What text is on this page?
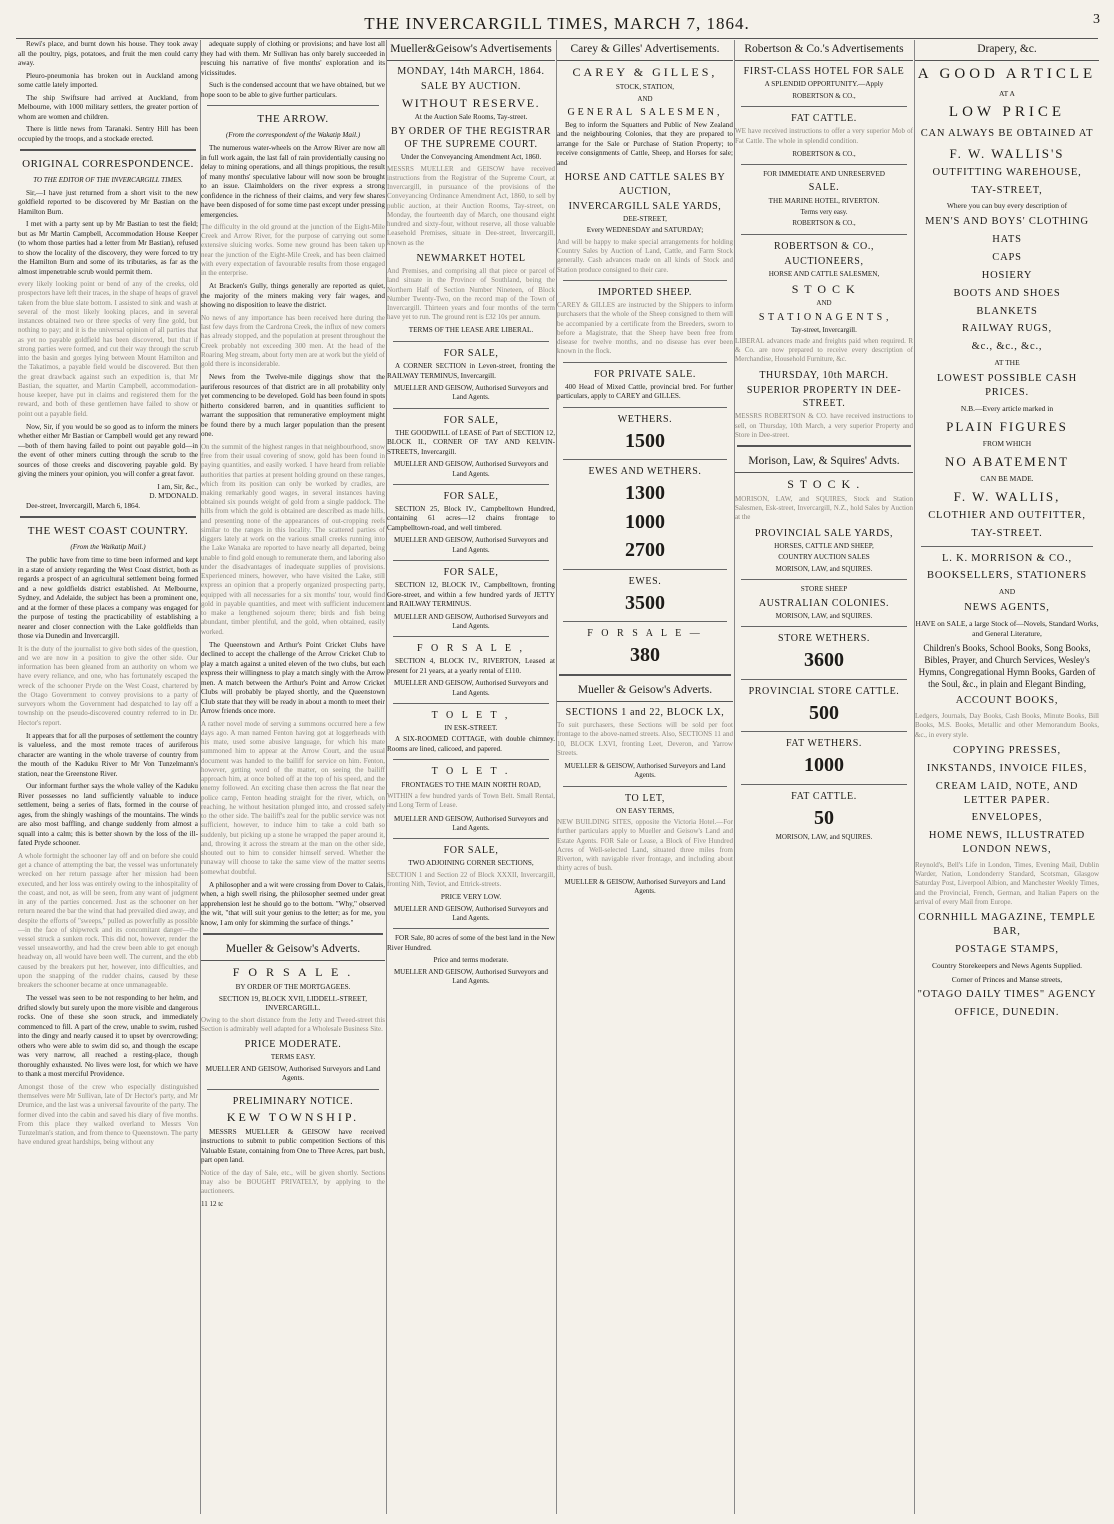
THE INVERCARGILL TIMES, MARCH 7, 1864.	3

Rewi's place, and burnt down his house. They took away all the poultry, pigs, potatoes, and fruit the men could carry away.

Pleuro-pneumonia has broken out in Auckland among some cattle lately imported.

The ship Swiftsure had arrived at Auckland, from Melbourne, with 1000 military settlers, the greater portion of whom are women and children.

There is little news from Taranaki. Sentry Hill has been occupied by the troops, and a stockade erected.

ORIGINAL CORRESPONDENCE.
TO THE EDITOR OF THE INVERCARGILL TIMES.

Sir,—I have just returned from a short visit to the new goldfield reported to be discovered by Mr Bastian on the Hamilton Burn.

I met with a party sent up by Mr Bastian to test the field; but as Mr Martin Campbell, Accommodation House Keeper (to whom those parties had a letter from Mr Bastian), refused to show the locality of the discovery, they were forced to try the Hamilton Burn and some of its tributaries, as far as the almost impenetrable scrub would permit them.

every likely looking point or bend of any of the creeks, old prospectors have left their traces, in the shape of heaps of gravel taken from the blue slate bottom. I assisted to sink and wash at several of the most likely looking places, and in several instances obtained two or three specks of very fine gold, but nothing to pay; and it is the universal opinion of all parties that as yet no payable goldfield has been discovered, but that if strong parties were formed, and cut their way through the scrub into the basin and gorges lying between Mount Hamilton and the Takatimos, a payable field would be discovered. But then the great drawback against such an expedition is, that Mr Bastian, the squatter, and Martin Campbell, accommodation-house keeper, have put in claims and registered them for the reward, and both of these gentlemen have failed to show or point out a payable field.

Now, Sir, if you would be so good as to inform the miners whether either Mr Bastian or Campbell would get any reward—both of them having failed to point out payable gold—in the event of other miners cutting through the scrub to the sources of those creeks and discovering payable gold. By giving the miners your opinion, you will confer a great favor.

I am, Sir, &c.,

D. M'DONALD.

Dee-street, Invercargill, March 6, 1864.

THE WEST COAST COUNTRY.
(From the Waikatip Mail.)

The public have from time to time been informed and kept in a state of anxiety regarding the West Coast district, both as regards a prospect of an agricultural settlement being formed and a new goldfields district established. At Melbourne, Sydney, and Adelaide, the subject has been a prominent one, and at the former of these places a company was engaged for the purpose of testing the practicability of establishing a nearer and closer connection with the Lake goldfields than those via Dunedin and Invercargill.

It is the duty of the journalist to give both sides of the question, and we are now in a position to give the other side. Our information has been gleaned from an authority on whom we have every reliance, and one, who has fortunately escaped the wreck of the schooner Pryde on the West Coast, chartered by the Otago Government to convey provisions to a party of surveyors whom the Government had despatched to lay off a township on the pseudo-discovered country referred to in Dr. Hector's report.

It appears that for all the purposes of settlement the country is valueless, and the most remote traces of auriferous character are wanting in the whole traverse of country from the mouth of the Kaduku River to Mr Von Tunzelmann's station, near the Greenstone River.

Our informant further says the whole valley of the Kaduku River possesses no land sufficiently valuable to induce settlement, being a series of flats, formed in the course of ages, from the shingly washings of the mountains. The winds are also most baffling, and change suddenly from almost a squall into a calm; this is better shown by the loss of the ill-fated Pryde schooner.

A whole fortnight the schooner lay off and on before she could get a chance of attempting the bar, the vessel was unfortunately wrecked on her return passage after her mission had been executed, and her loss was entirely owing to the inhospitality of the coast, and not, as will be seen, from any want of judgment in any of the parties concerned. Just as the schooner on her return neared the bar the wind that had prevailed died away, and despite the efforts of "sweeps," pulled as powerfully as possible—in the face of shipwreck and its concomitant danger—the vessel struck a sunken rock. This did not, however, render the vessel unseaworthy, and had the crew been able to get enough headway on, all would have been well. The current, and the ebb caused by the breakers put her, however, into difficulties, and upon the snapping of the rudder chains, caused by these breakers the schooner became at once unmanageable.

The vessel was seen to be not responding to her helm, and drifted slowly but surely upon the more visible and dangerous rocks. One of these she soon struck, and immediately commenced to fill. A part of the crew, unable to swim, rushed into the dingy and nearly caused it to upset by overcrowding; others who were able to swim did so, and though the escape was very narrow, all reached a resting-place, though thoroughly exhausted. No lives were lost, for which we have to thank a most merciful Providence.

Amongst those of the crew who especially distinguished themselves were Mr Sullivan, late of Dr Hector's party, and Mr Drumice, and the last was a universal favourite of the party. The former dived into the cabin and saved his diary of five months. From this place they walked overland to Messrs Von Tunzelman's station, and from thence to Queenstown. The party have endured great hardships, being without any

adequate supply of clothing or provisions; and have lost all they had with them. Mr Sullivan has only barely succeeded in rescuing his narrative of five months' exploration and its vicissitudes.

Such is the condensed account that we have obtained, but we hope soon to be able to give further particulars.

THE ARROW.
(From the correspondent of the Wakatip Mail.)

The numerous water-wheels on the Arrow River are now all in full work again, the last fall of rain providentially causing no delay to mining operations, and all things propitious, the result of many months' speculative labour will now soon be brought to an issue. Claimholders on the river express a strong confidence in the richness of their claims, and very few shares have been disposed of for some time past except under pressing emergencies.

The difficulty in the old ground at the junction of the Eight-Mile Creek and Arrow River, for the purpose of carrying out some extensive sluicing works. Some new ground has been taken up near the junction of the Eight-Mile Creek, and has been claimed with every expectation of favourable results from those engaged in the enterprise.

At Bracken's Gully, things generally are reported as quiet, the majority of the miners making very fair wages, and showing no disposition to leave the district.

No news of any importance has been received here during the last few days from the Cardrona Creek, the influx of new comers has already stopped, and the population at present throughout the Creek probably not exceeding 300 men. At the head of the Roaring Meg stream, about forty men are at work but the yield of gold there is inconsiderable.

News from the Twelve-mile diggings show that the auriferous resources of that district are in all probability only yet commencing to be developed. Gold has been found in spots hitherto considered barren, and in quantities sufficient to warrant the supposition that remunerative employment might be found there by a much larger population than the present one.

On the summit of the highest ranges in that neighbourhood, snow free from their usual covering of snow, gold has been found in paying quantities, and easily worked. I have heard from reliable authorities that parties at present holding ground on these ranges, which from its position can only be worked by cradles, are making remarkably good wages, in several instances having obtained six pounds weight of gold from a single paddock. The hills from which the gold is obtained are described as made hills, and presenting none of the appearances of out-cropping reefs similar to the ranges in this locality. The scattered parties of diggers lately at work on the various small creeks running into the Lake Wanaka are reported to have nearly all departed, being unable to find gold enough to remunerate them, and laboring also under the disadvantages of inadequate supplies of provisions. Experienced miners, however, who have visited the Lake, still express an opinion that a properly organized prospecting party, equipped with all necessaries for a six months' tour, would find gold in payable quantities, and meet with sufficient inducement to make a lengthened sojourn there; birds and fish being abundant, timber plentiful, and the gold, when obtained, easily worked.

The Queenstown and Arthur's Point Cricket Clubs have declined to accept the challenge of the Arrow Cricket Club to play a match against a united eleven of the two clubs, but each express their willingness to play a match singly with the Arrow men. A match between the Arthur's Point and Arrow Cricket Clubs will probably be played shortly, and the Queenstown Club state that they will be ready in about a month to meet their Arrow friends once more.

A rather novel mode of serving a summons occurred here a few days ago. A man named Fenton having got at loggerheads with his mate, used some abusive language, for which his mate summoned him to appear at the Arrow Court, and the usual document was handed to the bailiff for service on him. Fenton, however, getting word of the matter, on seeing the bailiff approach him, at once bolted off at the top of his speed, and the enemy followed. An exciting chase then across the flat near the police camp, Fenton heading straight for the river, which, on reaching, he without hesitation plunged into, and crossed safely to the other side. The bailiff's zeal for the public service was not sufficient, however, to induce him to take a cold bath so suddenly, but picking up a stone he wrapped the paper around it, and, throwing it across the stream at the man on the other side, shouted out to him to consider himself served. Whether the runaway will choose to take the same view of the matter seems somewhat doubtful.

A philosopher and a wit were crossing from Dover to Calais, when, a high swell rising, the philosopher seemed under great apprehension lest he should go to the bottom. "Why," observed the wit, "that will suit your genius to the letter; as for me, you know, I am only for skimming the surface of things."

Mueller & Geisow's Adverts.
F O R S A L E .
BY ORDER OF THE MORTGAGEES.
SECTION 19, BLOCK XVII, LIDDELL-STREET, INVERCARGILL.
Owing to the short distance from the Jetty and Tweed-street this Section is admirably well adapted for a Wholesale Business Site.
PRICE MODERATE.
TERMS EASY.
MUELLER AND GEISOW, Authorised Surveyors and Land Agents.
PRELIMINARY NOTICE.
KEW TOWNSHIP.

MESSRS MUELLER & GEISOW have received instructions to submit to public competition Sections of this Valuable Estate, containing from One to Three Acres, part bush, part open land.

Notice of the day of Sale, etc., will be given shortly. Sections may also be BOUGHT PRIVATELY, by applying to the auctioneers.
11 12 tc
Mueller&Geisow's Advertisements
MONDAY, 14th MARCH, 1864.
SALE BY AUCTION.
WITHOUT RESERVE.
At the Auction Sale Rooms, Tay-street.
BY ORDER OF THE REGISTRAR OF THE SUPREME COURT.
Under the Conveyancing Amendment Act, 1860.
MESSRS MUELLER and GEISOW have received instructions from the Registrar of the Supreme Court, at Invercargill, in pursuance of the provisions of the Conveyancing Ordinance Amendment Act, 1860, to sell by public auction, at their Auction Rooms, Tay-street, on Monday, the fourteenth day of March, one thousand eight hundred and sixty-four, without reserve, all those valuable Leasehold Premises, situate in Dee-street, Invercargill, known as the
NEWMARKET HOTEL
And Premises, and comprising all that piece or parcel of land situate in the Province of Southland, being the Northern Half of Section Number Nineteen, of Block Number Twenty-Two, on the record map of the Town of Invercargill. Thirteen years and four months of the term have yet to run. The ground rent is £32 10s per annum.
TERMS OF THE LEASE ARE LIBERAL.
FOR SALE,

A CORNER SECTION in Leven-street, fronting the RAILWAY TERMINUS, Invercargill.

MUELLER AND GEISOW, Authorised Surveyors and Land Agents.
FOR SALE,

THE GOODWILL of LEASE of Part of SECTION 12, BLOCK II., CORNER OF TAY AND KELVIN-STREETS, Invercargill.

MUELLER AND GEISOW, Authorised Surveyors and Land Agents.
FOR SALE,

SECTION 25, Block IV., Campbelltown Hundred, containing 61 acres—12 chains frontage to Campbelltown-road, and well timbered.

MUELLER AND GEISOW, Authorised Surveyors and Land Agents.
FOR SALE,

SECTION 12, BLOCK IV., Campbelltown, fronting Gore-street, and within a few hundred yards of JETTY and RAILWAY TERMINUS.

MUELLER AND GEISOW, Authorised Surveyors and Land Agents.
F O R S A L E ,

SECTION 4, BLOCK IV., RIVERTON, Leased at present for 21 years, at a yearly rental of £110.

MUELLER AND GEISOW, Authorised Surveyors and Land Agents.
T O L E T ,
IN ESK-STREET.

A SIX-ROOMED COTTAGE, with double chimney. Rooms are lined, calicoed, and papered.

T O L E T .
FRONTAGES TO THE MAIN NORTH ROAD,
WITHIN a few hundred yards of Town Belt. Small Rental, and Long Term of Lease.
MUELLER AND GEISOW, Authorised Surveyors and Land Agents.
FOR SALE,
TWO ADJOINING CORNER SECTIONS,
SECTION 1 and Section 22 of Block XXXII, Invercargill, fronting Nith, Teviot, and Ettrick-streets.
PRICE VERY LOW.
MUELLER AND GEISOW, Authorised Surveyors and Land Agents.

FOR Sale, 80 acres of some of the best land in the New River Hundred.

Price and terms moderate.
MUELLER AND GEISOW, Authorised Surveyors and Land Agents.
Carey & Gilles' Advertisements.
CAREY & GILLES,
STOCK, STATION,
AND
GENERAL SALESMEN,

Beg to inform the Squatters and Public of New Zealand and the neighbouring Colonies, that they are prepared to arrange for the Sale or Purchase of Station Property; to receive consignments of Cattle, Sheep, and Horses for sale; and

HORSE AND CATTLE SALES BY AUCTION,
INVERCARGILL SALE YARDS,
DEE-STREET,
Every WEDNESDAY and SATURDAY;
And will be happy to make special arrangements for holding Country Sales by Auction of Land, Cattle, and Farm Stock generally. Cash advances made on all kinds of Stock and Station produce consigned to their care.
IMPORTED SHEEP.
CAREY & GILLES are instructed by the Shippers to inform purchasers that the whole of the Sheep consigned to them will be accompanied by a certificate from the Breeders, sworn to before a Magistrate, that the Sheep have been free from disease for twelve months, and no disease has ever been known in the flock.
FOR PRIVATE SALE.

400 Head of Mixed Cattle, provincial bred. For further particulars, apply to CAREY and GILLES.

WETHERS.
1500
EWES AND WETHERS.
1300
1000
2700
EWES.
3500
F O R S A L E —
380
Mueller & Geisow's Adverts.
SECTIONS 1 and 22, BLOCK LX,
To suit purchasers, these Sections will be sold per foot frontage to the above-named streets. Also, SECTIONS 11 and 10, BLOCK LXVI, fronting Leet, Deveron, and Yarrow Streets.
MUELLER & GEISOW, Authorised Surveyors and Land Agents.
TO LET,
ON EASY TERMS,
NEW BUILDING SITES, opposite the Victoria Hotel.—For further particulars apply to Mueller and Geisow's Land and Estate Agents. FOR Sale or Lease, a Block of Five Hundred Acres of Well-selected Land, situated three miles from Riverton, with navigable river frontage, and including about thirty acres of bush.
MUELLER & GEISOW, Authorised Surveyors and Land Agents.
Robertson & Co.'s Advertisements
FIRST-CLASS HOTEL FOR SALE
A SPLENDID OPPORTUNITY.—Apply
ROBERTSON & CO.,
FAT CATTLE.
WE have received instructions to offer a very superior Mob of Fat Cattle. The whole in splendid condition.
ROBERTSON & CO.,
FOR IMMEDIATE AND UNRESERVED
SALE.
THE MARINE HOTEL, RIVERTON.
Terms very easy.
ROBERTSON & CO.,
ROBERTSON & CO.,
AUCTIONEERS,
HORSE AND CATTLE SALESMEN,
S T O C K
AND
S T A T I O N A G E N T S ,
Tay-street, Invercargill.
LIBERAL advances made and freights paid when required. R & Co. are now prepared to receive every description of Merchandise, Household Furniture, &c.
THURSDAY, 10th MARCH.
SUPERIOR PROPERTY IN DEE-STREET.
MESSRS ROBERTSON & CO. have received instructions to sell, on Thursday, 10th March, a very superior Property and Store in Dee-street.
Morison, Law, & Squires' Advts.
S T O C K .
MORISON, LAW, and SQUIRES, Stock and Station Salesmen, Esk-street, Invercargill, N.Z., hold Sales by Auction at the
PROVINCIAL SALE YARDS,
HORSES, CATTLE AND SHEEP,
COUNTRY AUCTION SALES
MORISON, LAW, and SQUIRES.
STORE SHEEP
AUSTRALIAN COLONIES.
MORISON, LAW, and SQUIRES.
STORE WETHERS.
3600
PROVINCIAL STORE CATTLE.
500
FAT WETHERS.
1000
FAT CATTLE.
50
MORISON, LAW, and SQUIRES.
Drapery, &c.
A GOOD ARTICLE
AT A
LOW PRICE
CAN ALWAYS BE OBTAINED AT
F. W. WALLIS'S
OUTFITTING WAREHOUSE,
TAY-STREET,
Where you can buy every description of
MEN'S AND BOYS' CLOTHING
HATS
CAPS
HOSIERY
BOOTS AND SHOES
BLANKETS
RAILWAY RUGS,
&c., &c., &c.,
AT THE
LOWEST POSSIBLE CASH PRICES.
N.B.—Every article marked in
PLAIN FIGURES
FROM WHICH
NO ABATEMENT
CAN BE MADE.
F. W. WALLIS,
CLOTHIER AND OUTFITTER,
TAY-STREET.
L. K. MORRISON & CO.,
BOOKSELLERS, STATIONERS
AND
NEWS AGENTS,
HAVE on SALE, a large Stock of—Novels, Standard Works, and General Literature,
Children's Books, School Books, Song Books, Bibles, Prayer, and Church Services, Wesley's Hymns, Congregational Hymn Books, Garden of the Soul, &c., in plain and Elegant Binding,
ACCOUNT BOOKS,
Ledgers, Journals, Day Books, Cash Books, Minute Books, Bill Books, M.S. Books, Metallic and other Memorandum Books, &c., in every style.
COPYING PRESSES,
INKSTANDS, INVOICE FILES,
CREAM LAID, NOTE, AND LETTER PAPER.
ENVELOPES,
HOME NEWS, ILLUSTRATED LONDON NEWS,
Reynold's, Bell's Life in London, Times, Evening Mail, Dublin Warder, Nation, Londonderry Standard, Scotsman, Glasgow Saturday Post, Liverpool Albion, and Manchester Weekly Times, and the Provincial, French, German, and Italian Papers on the arrival of every Mail from Europe.
CORNHILL MAGAZINE, TEMPLE BAR,
POSTAGE STAMPS,
Country Storekeepers and News Agents Supplied.
Corner of Princes and Manse streets,
"OTAGO DAILY TIMES" AGENCY
OFFICE, DUNEDIN.
